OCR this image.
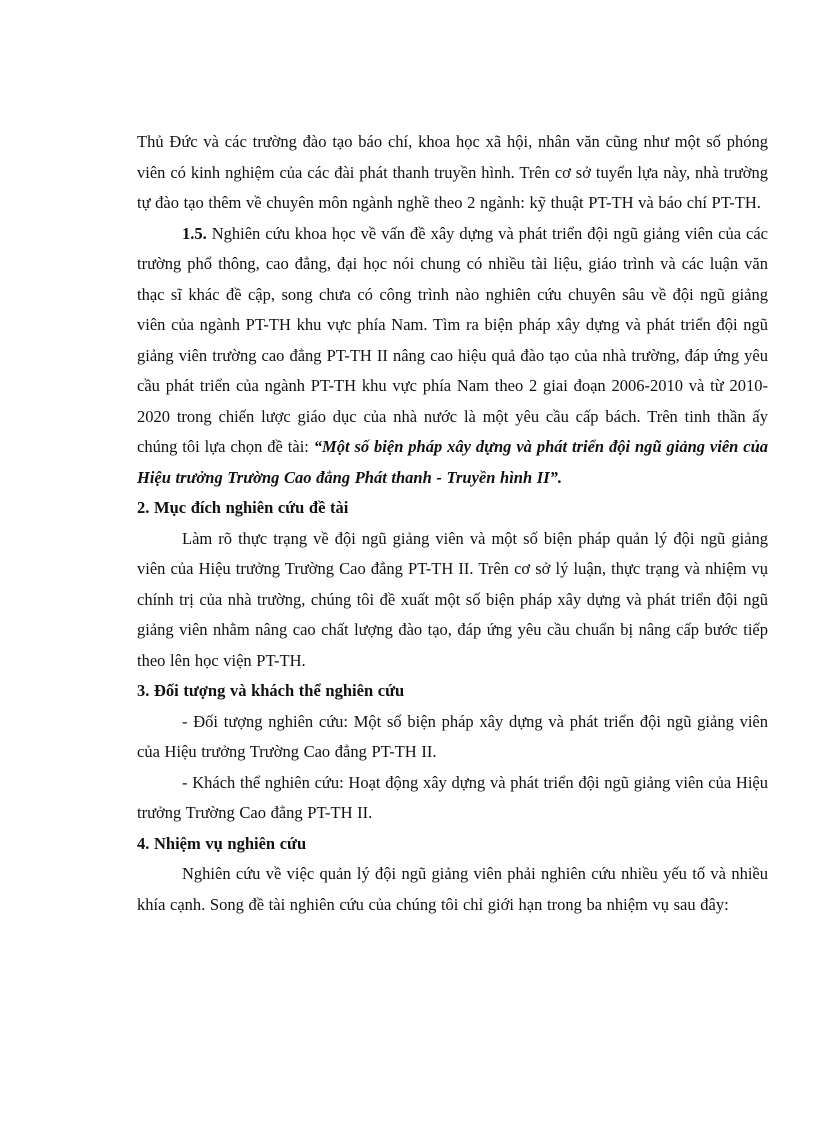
Thủ Đức và các trường đào tạo báo chí, khoa học xã hội, nhân văn cũng như một số phóng viên có kinh nghiệm của các đài phát thanh truyền hình. Trên cơ sở tuyển lựa này, nhà trường tự đào tạo thêm về chuyên môn ngành nghề theo 2 ngành: kỹ thuật PT-TH và báo chí PT-TH.

1.5. Nghiên cứu khoa học về vấn đề xây dựng và phát triển đội ngũ giảng viên của các trường phổ thông, cao đẳng, đại học nói chung có nhiều tài liệu, giáo trình và các luận văn thạc sĩ khác đề cập, song chưa có công trình nào nghiên cứu chuyên sâu về đội ngũ giảng viên của ngành PT-TH khu vực phía Nam. Tìm ra biện pháp xây dựng và phát triển đội ngũ giảng viên trường cao đẳng PT-TH II nâng cao hiệu quả đào tạo của nhà trường, đáp ứng yêu cầu phát triển của ngành PT-TH khu vực phía Nam theo 2 giai đoạn 2006-2010 và từ 2010-2020 trong chiến lược giáo dục của nhà nước là một yêu cầu cấp bách. Trên tinh thần ấy chúng tôi lựa chọn đề tài: “Một số biện pháp xây dựng và phát triển đội ngũ giảng viên của Hiệu trưởng Trường Cao đẳng Phát thanh - Truyền hình II”.

2. Mục đích nghiên cứu đề tài

Làm rõ thực trạng về đội ngũ giảng viên và một số biện pháp quản lý đội ngũ giảng viên của Hiệu trưởng Trường Cao đẳng PT-TH II. Trên cơ sở lý luận, thực trạng và nhiệm vụ chính trị của nhà trường, chúng tôi đề xuất một số biện pháp xây dựng và phát triển đội ngũ giảng viên nhằm nâng cao chất lượng đào tạo, đáp ứng yêu cầu chuẩn bị nâng cấp bước tiếp theo lên học viện PT-TH.

3. Đối tượng và khách thể nghiên cứu

- Đối tượng nghiên cứu: Một số biện pháp xây dựng và phát triển đội ngũ giảng viên của Hiệu trưởng Trường Cao đẳng PT-TH II.

- Khách thể nghiên cứu: Hoạt động xây dựng và phát triển đội ngũ giảng viên của Hiệu trưởng Trường Cao đẳng PT-TH II.

4. Nhiệm vụ nghiên cứu

Nghiên cứu về việc quản lý đội ngũ giảng viên phải nghiên cứu nhiều yếu tố và nhiều khía cạnh. Song đề tài nghiên cứu của chúng tôi chỉ giới hạn trong ba nhiệm vụ sau đây:
